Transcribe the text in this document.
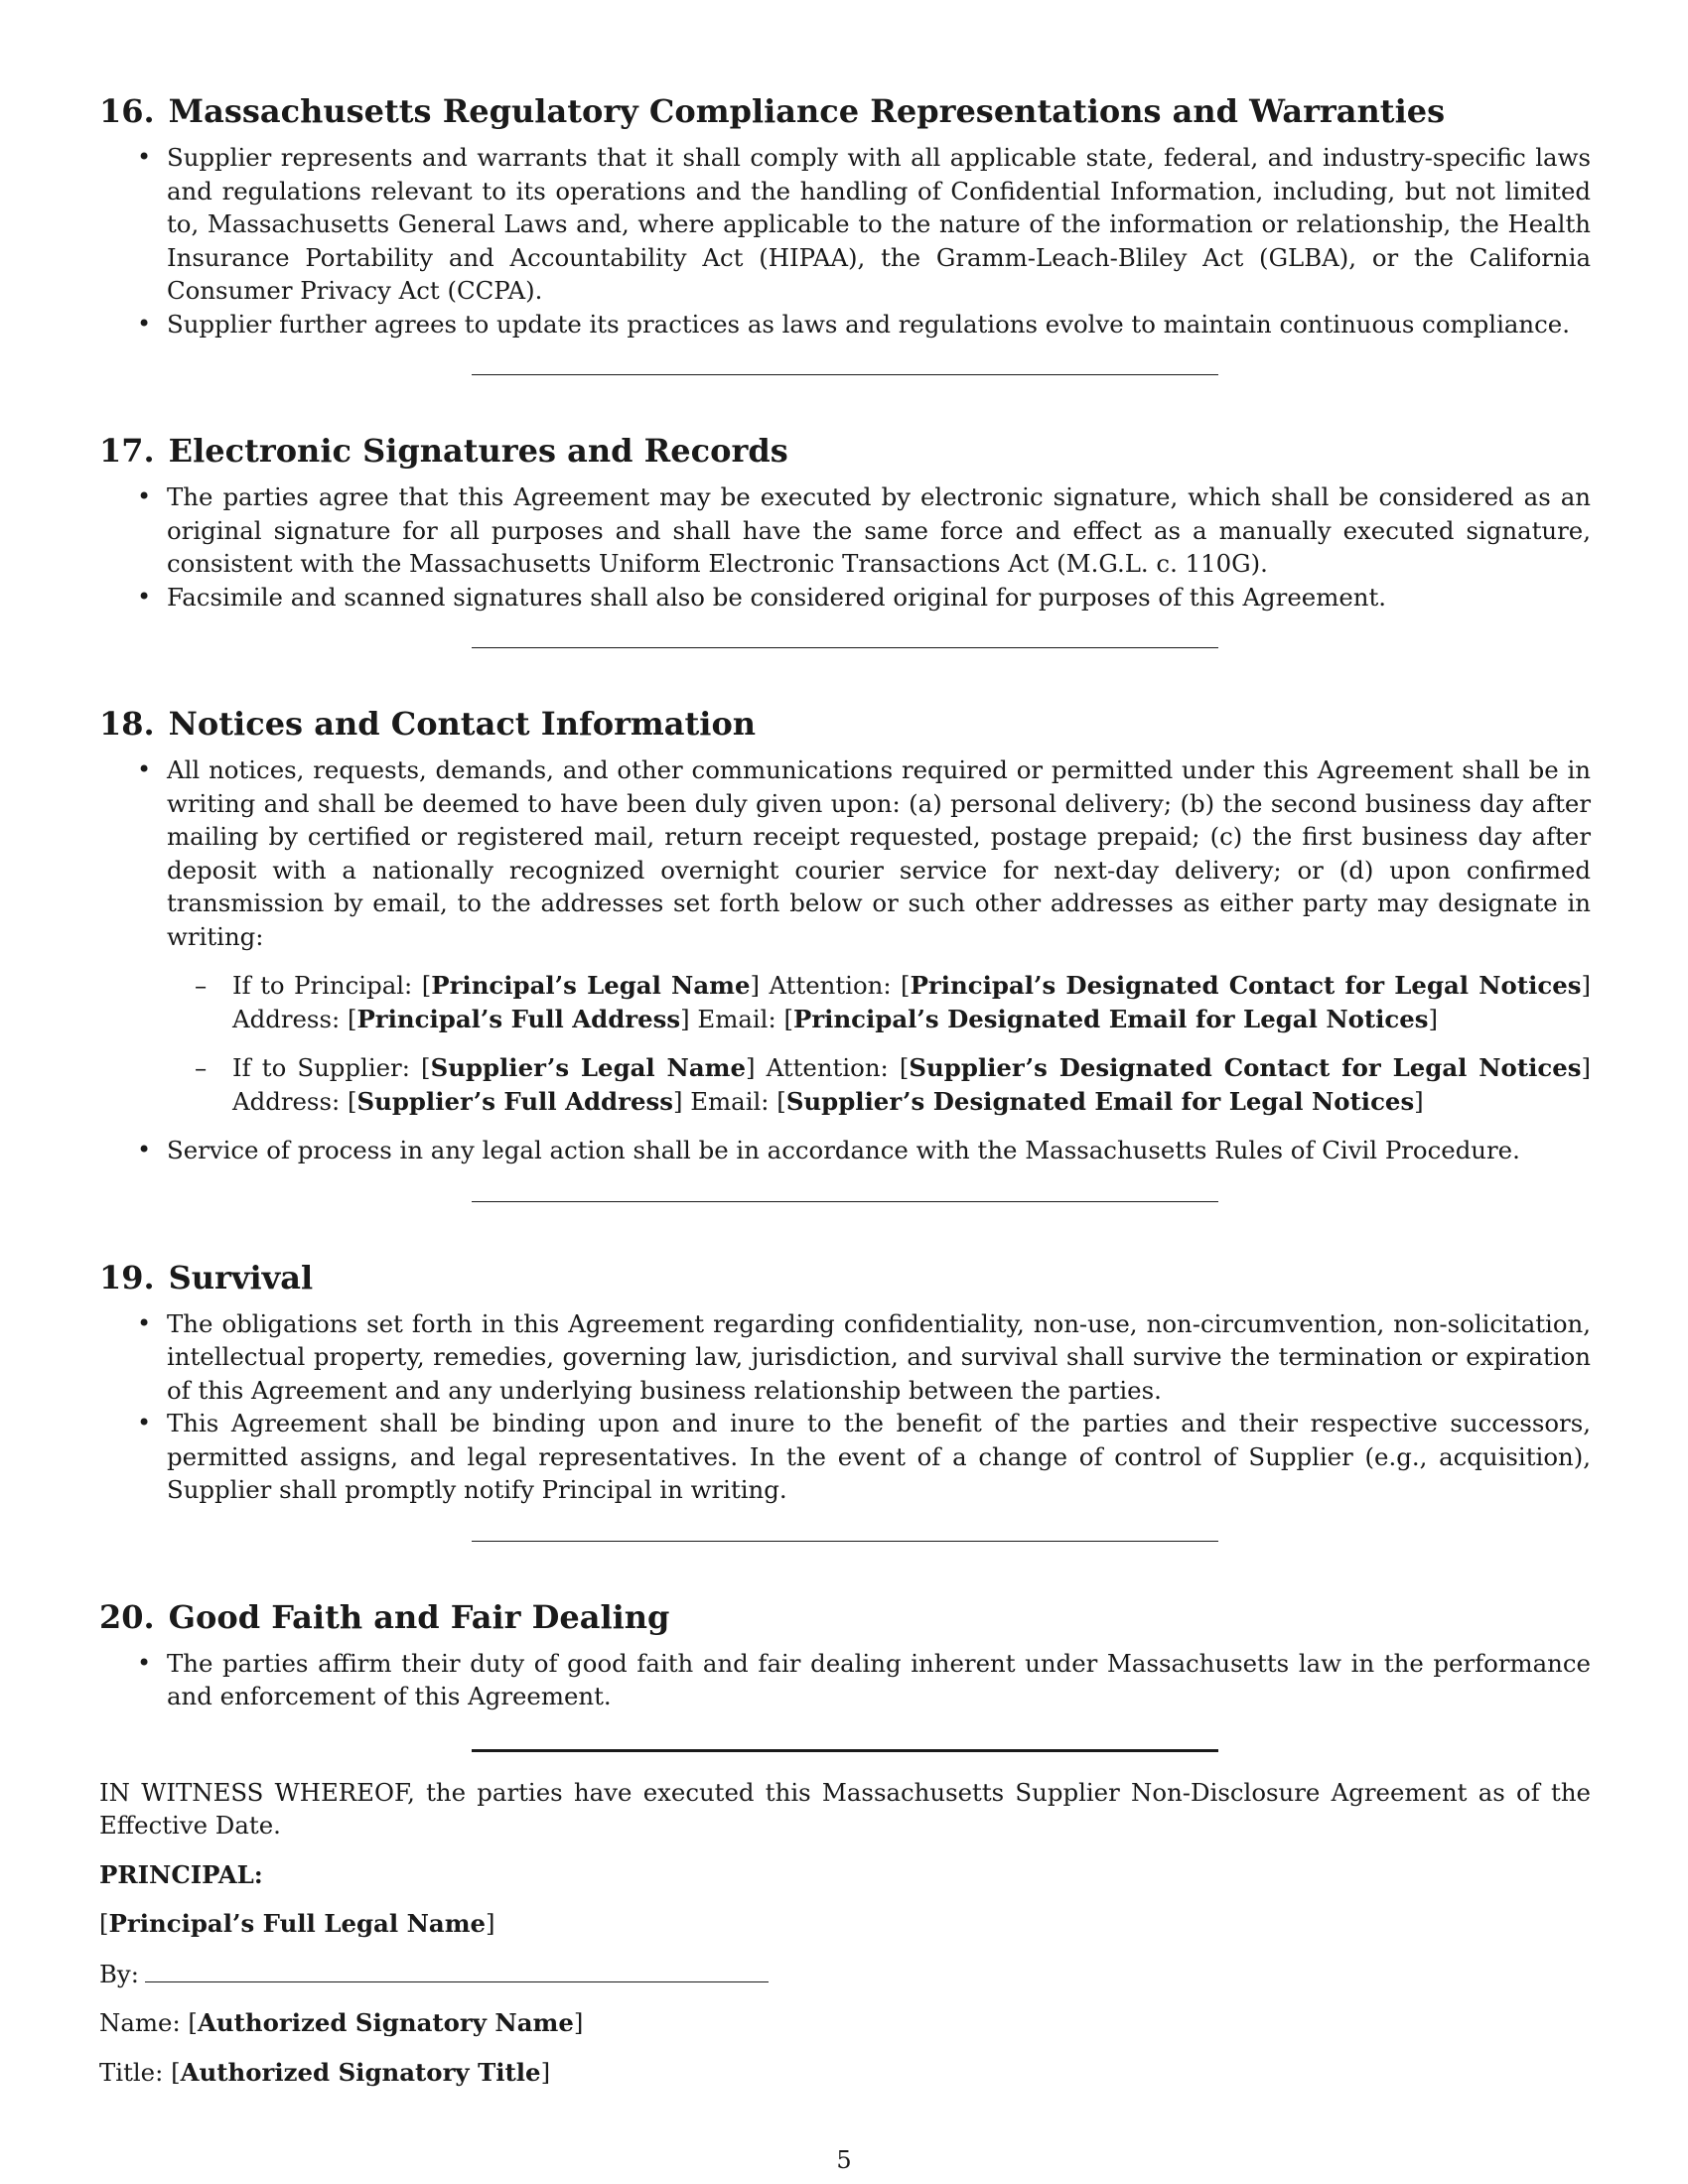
16. Massachusetts Regulatory Compliance Representations and Warranties
• Supplier represents and warrants that it shall comply with all applicable state, federal, and industry-specific laws and regulations relevant to its operations and the handling of Confidential Information, including, but not limited to, Massachusetts General Laws and, where applicable to the nature of the information or relationship, the Health Insurance Portability and Accountability Act (HIPAA), the Gramm-Leach-Bliley Act (GLBA), or the California Consumer Privacy Act (CCPA).
• Supplier further agrees to update its practices as laws and regulations evolve to maintain continuous compliance.
17. Electronic Signatures and Records
• The parties agree that this Agreement may be executed by electronic signature, which shall be considered as an original signature for all purposes and shall have the same force and effect as a manually executed signature, consistent with the Massachusetts Uniform Electronic Transactions Act (M.G.L. c. 110G).
• Facsimile and scanned signatures shall also be considered original for purposes of this Agreement.
18. Notices and Contact Information
• All notices, requests, demands, and other communications required or permitted under this Agreement shall be in writing and shall be deemed to have been duly given upon: (a) personal delivery; (b) the second business day after mailing by certified or registered mail, return receipt requested, postage prepaid; (c) the first business day after deposit with a nationally recognized overnight courier service for next-day delivery; or (d) upon confirmed transmission by email, to the addresses set forth below or such other addresses as either party may designate in writing:
– If to Principal: [Principal’s Legal Name] Attention: [Principal’s Designated Contact for Legal Notices] Address: [Principal’s Full Address] Email: [Principal’s Designated Email for Legal Notices]
– If to Supplier: [Supplier’s Legal Name] Attention: [Supplier’s Designated Contact for Legal Notices] Address: [Supplier’s Full Address] Email: [Supplier’s Designated Email for Legal Notices]
• Service of process in any legal action shall be in accordance with the Massachusetts Rules of Civil Procedure.
19. Survival
• The obligations set forth in this Agreement regarding confidentiality, non-use, non-circumvention, non-solicitation, intellectual property, remedies, governing law, jurisdiction, and survival shall survive the termination or expiration of this Agreement and any underlying business relationship between the parties.
• This Agreement shall be binding upon and inure to the benefit of the parties and their respective successors, permitted assigns, and legal representatives. In the event of a change of control of Supplier (e.g., acquisition), Supplier shall promptly notify Principal in writing.
20. Good Faith and Fair Dealing
• The parties affirm their duty of good faith and fair dealing inherent under Massachusetts law in the performance and enforcement of this Agreement.

IN WITNESS WHEREOF, the parties have executed this Massachusetts Supplier Non-Disclosure Agreement as of the Effective Date.

PRINCIPAL:
[Principal’s Full Legal Name]
By:
Name: [Authorized Signatory Name]
Title: [Authorized Signatory Title]
5
